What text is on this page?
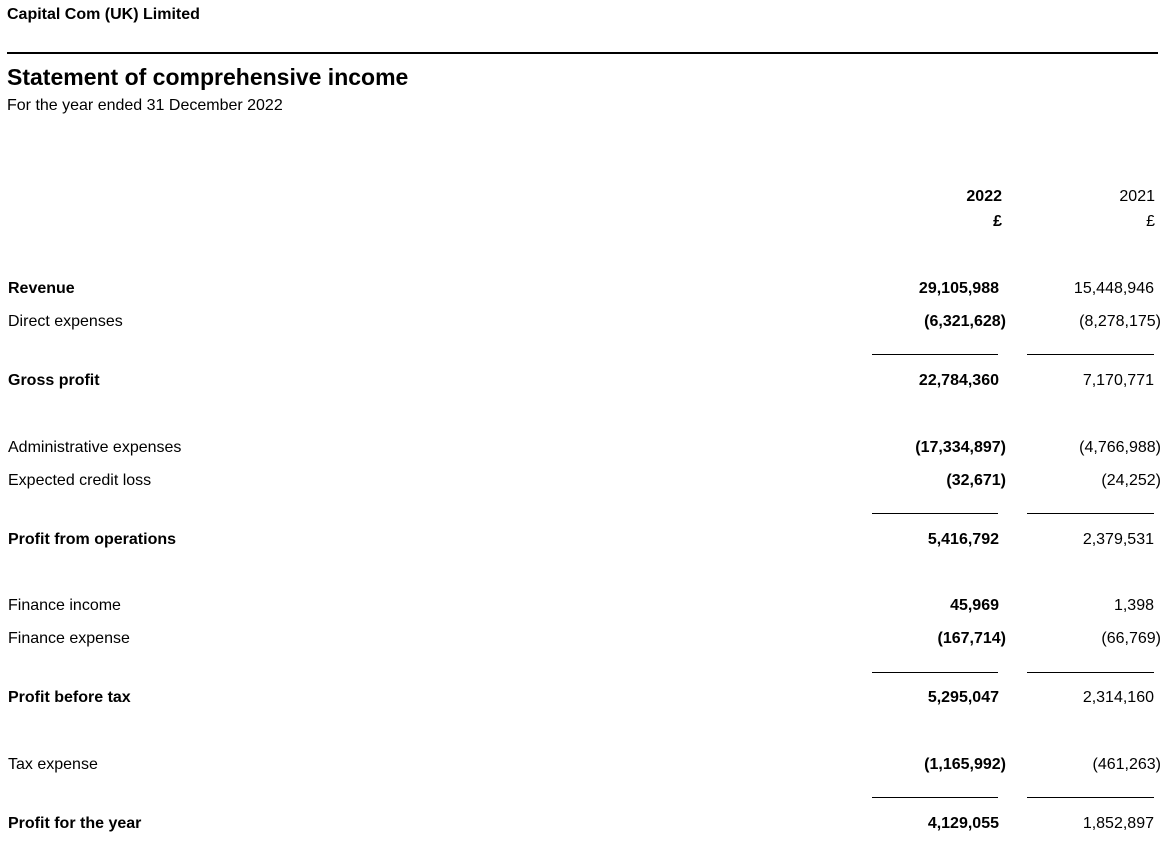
Capital Com (UK) Limited
Statement of comprehensive income
For the year ended 31 December 2022
2022
£
2021
£
Revenue	29,105,988	15,448,946
Direct expenses	(6,321,628)	(8,278,175)
Gross profit	22,784,360	7,170,771
Administrative expenses	(17,334,897)	(4,766,988)
Expected credit loss	(32,671)	(24,252)
Profit from operations	5,416,792	2,379,531
Finance income	45,969	1,398
Finance expense	(167,714)	(66,769)
Profit before tax	5,295,047	2,314,160
Tax expense	(1,165,992)	(461,263)
Profit for the year	4,129,055	1,852,897
